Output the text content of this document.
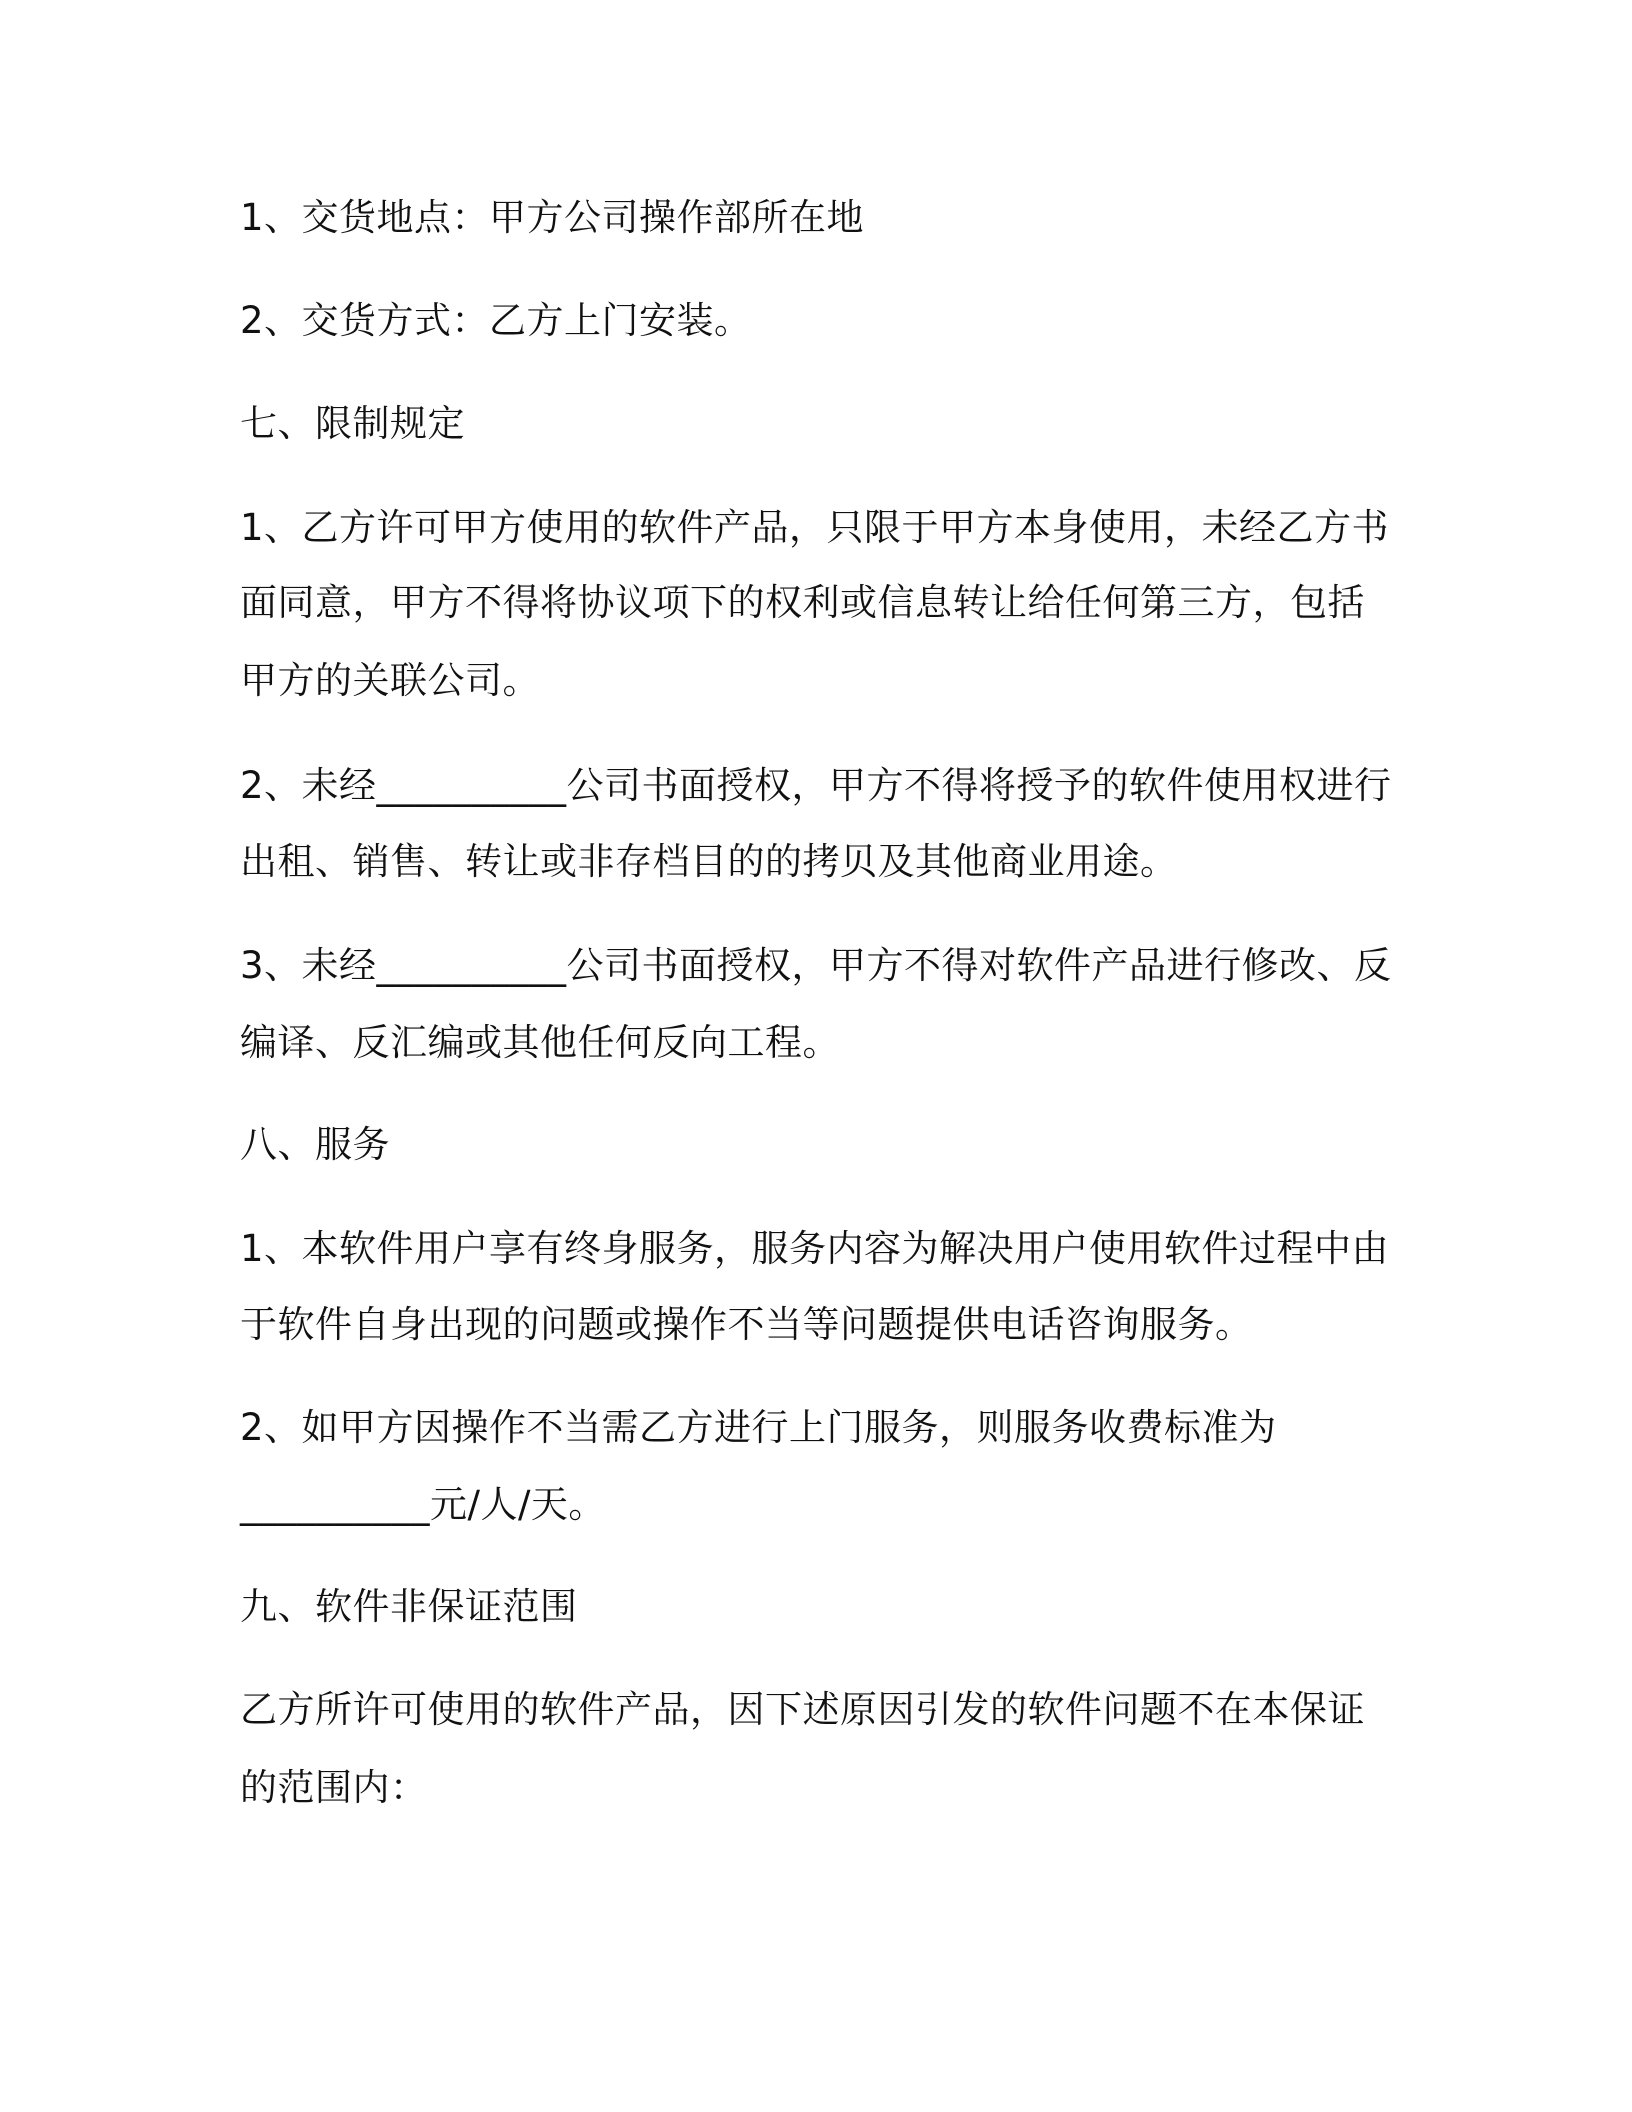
1、交货地点：甲方公司操作部所在地
2、交货方式：乙方上门安装。
七、限制规定
1、乙方许可甲方使用的软件产品，只限于甲方本身使用，未经乙方书
面同意，甲方不得将协议项下的权利或信息转让给任何第三方，包括
甲方的关联公司。
2、未经__________公司书面授权，甲方不得将授予的软件使用权进行
出租、销售、转让或非存档目的的拷贝及其他商业用途。
3、未经__________公司书面授权，甲方不得对软件产品进行修改、反
编译、反汇编或其他任何反向工程。
八、服务
1、本软件用户享有终身服务，服务内容为解决用户使用软件过程中由
于软件自身出现的问题或操作不当等问题提供电话咨询服务。
2、如甲方因操作不当需乙方进行上门服务，则服务收费标准为
__________元/人/天。
九、软件非保证范围
乙方所许可使用的软件产品，因下述原因引发的软件问题不在本保证
的范围内：
